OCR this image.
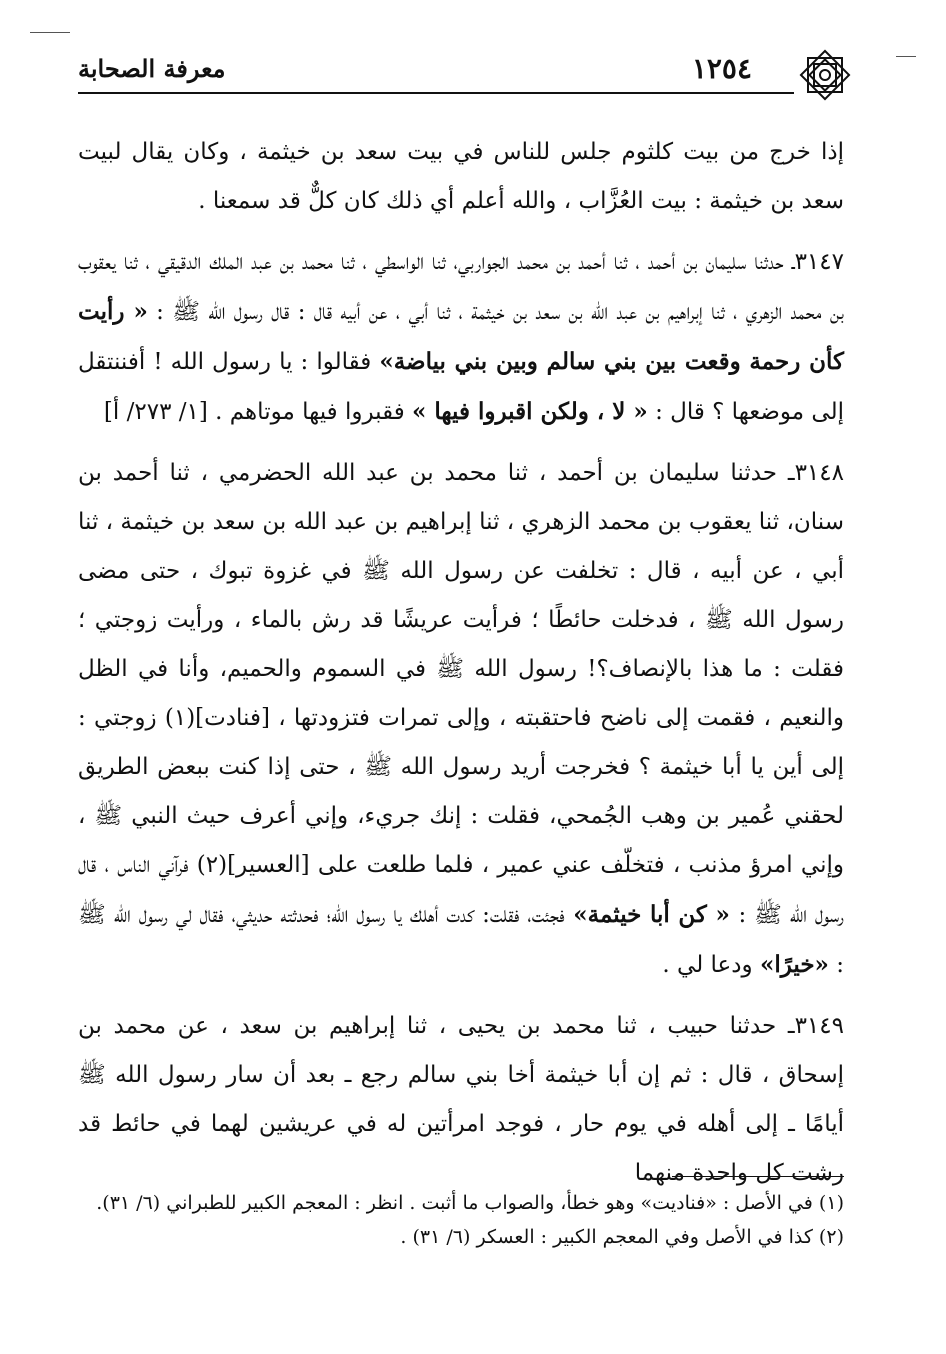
١٢٥٤
معرفة الصحابة

إذا خرج من بيت كلثوم جلس للناس في بيت سعد بن خيثمة ، وكان يقال لبيت سعد بن خيثمة : بيت العُزَّاب ، والله أعلم أي ذلك كان كلٌّ قد سمعنا .

٣١٤٧ـ حدثنا سليمان بن أحمد ، ثنا أحمد بن محمد الجواربي، ثنا الواسطي ، ثنا محمد بن عبد الملك الدقيقي ، ثنا يعقوب بن محمد الزهري ، ثنا إبراهيم بن عبد الله بن سعد بن خيثمة ، ثنا أبي ، عن أبيه قال : قال رسول الله ﷺ : « رأيت كأن رحمة وقعت بين بني سالم وبين بني بياضة» فقالوا : يا رسول الله ! أفننتقل إلى موضعها ؟ قال : « لا ، ولكن اقبروا فيها » فقبروا فيها موتاهم . [١/ ٢٧٣/ أ]

٣١٤٨ـ حدثنا سليمان بن أحمد ، ثنا محمد بن عبد الله الحضرمي ، ثنا أحمد بن سنان، ثنا يعقوب بن محمد الزهري ، ثنا إبراهيم بن عبد الله بن سعد بن خيثمة ، ثنا أبي ، عن أبيه ، قال : تخلفت عن رسول الله ﷺ في غزوة تبوك ، حتى مضى رسول الله ﷺ ، فدخلت حائطًا ؛ فرأيت عريشًا قد رش بالماء ، ورأيت زوجتي ؛ فقلت : ما هذا بالإنصاف؟! رسول الله ﷺ في السموم والحميم، وأنا في الظل والنعيم ، فقمت إلى ناضح فاحتقبته ، وإلى تمرات فتزودتها ، [فنادت](١) زوجتي : إلى أين يا أبا خيثمة ؟ فخرجت أريد رسول الله ﷺ ، حتى إذا كنت ببعض الطريق لحقني عُمير بن وهب الجُمحي، فقلت : إنك جريء، وإني أعرف حيث النبي ﷺ ، وإني امرؤ مذنب ، فتخلّف عني عمير ، فلما طلعت على [العسير](٢) فرآني الناس ، قال رسول الله ﷺ : « كن أبا خيثمة» فجئت، فقلت: كدت أهلك يا رسول الله؛ فحدثته حديثي، فقال لي رسول الله ﷺ : «خيرًا» ودعا لي .

٣١٤٩ـ حدثنا حبيب ، ثنا محمد بن يحيى ، ثنا إبراهيم بن سعد ، عن محمد بن إسحاق ، قال : ثم إن أبا خيثمة أخا بني سالم رجع ـ بعد أن سار رسول الله ﷺ أيامًا ـ إلى أهله في يوم حار ، فوجد امرأتين له في عريشين لهما في حائط قد رشت كل واحدة منهما

(١) في الأصل : «فناديت» وهو خطأ، والصواب ما أثبت . انظر : المعجم الكبير للطبراني (٦/ ٣١).

(٢) كذا في الأصل وفي المعجم الكبير : العسكر (٦/ ٣١) .
